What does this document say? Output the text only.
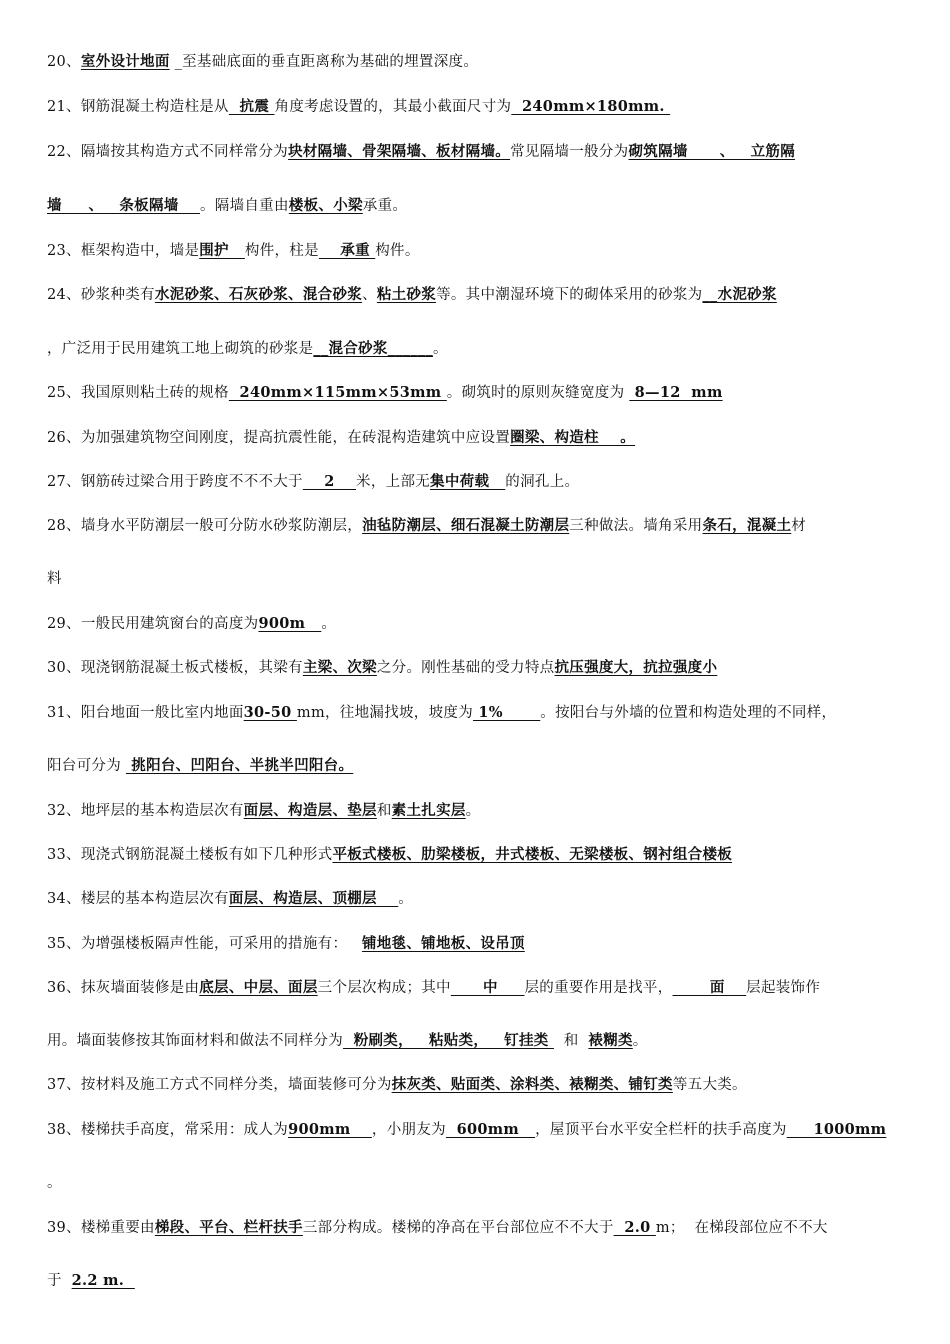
20、室外设计地面 _至基础底面的垂直距离称为基础的埋置深度。
21、钢筋混凝土构造柱是从  抗震 角度考虑设置的，其最小截面尺寸为  240mm×180mm.
22、隔墙按其构造方式不同样常分为块材隔墙、骨架隔墙、板材隔墙。常见隔墙一般分为砌筑隔墙      、   立筋隔
墙     、   条板隔墙    。隔墙自重由楼板、小梁承重。
23、框架构造中，墙是围护   构件，柱是    承重 构件。
24、砂浆种类有水泥砂浆、石灰砂浆、混合砂浆、粘土砂浆等。其中潮湿环境下的砌体采用的砂浆为__水泥砂浆
，广泛用于民用建筑工地上砌筑的砂浆是__混合砂浆______。
25、我国原则粘土砖的规格  240mm×115mm×53mm 。砌筑时的原则灰缝宽度为  8—12  mm
26、为加强建筑物空间刚度，提高抗震性能，在砖混构造建筑中应设置圈梁、构造柱    。
27、钢筋砖过梁合用于跨度不不不大于    2    米，上部无集中荷载   的洞孔上。
28、墙身水平防潮层一般可分防水砂浆防潮层，油毡防潮层、细石混凝土防潮层三种做法。墙角采用条石，混凝土材
料
29、一般民用建筑窗台的高度为900m   。
30、现浇钢筋混凝土板式楼板，其梁有主梁、次梁之分。刚性基础的受力特点抗压强度大，抗拉强度小
31、阳台地面一般比室内地面30-50 mm，往地漏找坡，坡度为 1%       。按阳台与外墙的位置和构造处理的不同样，
阳台可分为  挑阳台、凹阳台、半挑半凹阳台。
32、地坪层的基本构造层次有面层、构造层、垫层和素土扎实层。
33、现浇式钢筋混凝土楼板有如下几种形式平板式楼板、肋梁楼板，井式楼板、无梁楼板、钢衬组合楼板
34、楼层的基本构造层次有面层、构造层、顶棚层    。
35、为增强楼板隔声性能，可采用的措施有：   铺地毯、铺地板、设吊顶
36、抹灰墙面装修是由底层、中层、面层三个层次构成；其中      中     层的重要作用是找平，       面    层起装饰作
用。墙面装修按其饰面材料和做法不同样分为  粉刷类，   粘贴类，   钉挂类   和  裱糊类。
37、按材料及施工方式不同样分类，墙面装修可分为抹灰类、贴面类、涂料类、裱糊类、铺钉类等五大类。
38、楼梯扶手高度，常采用：成人为900mm    ，小朋友为  600mm   ，屋顶平台水平安全栏杆的扶手高度为     1000mm
。
39、楼梯重要由梯段、平台、栏杆扶手三部分构成。楼梯的净高在平台部位应不不大于  2.0 m；  在梯段部位应不不大
于  2.2 m.
